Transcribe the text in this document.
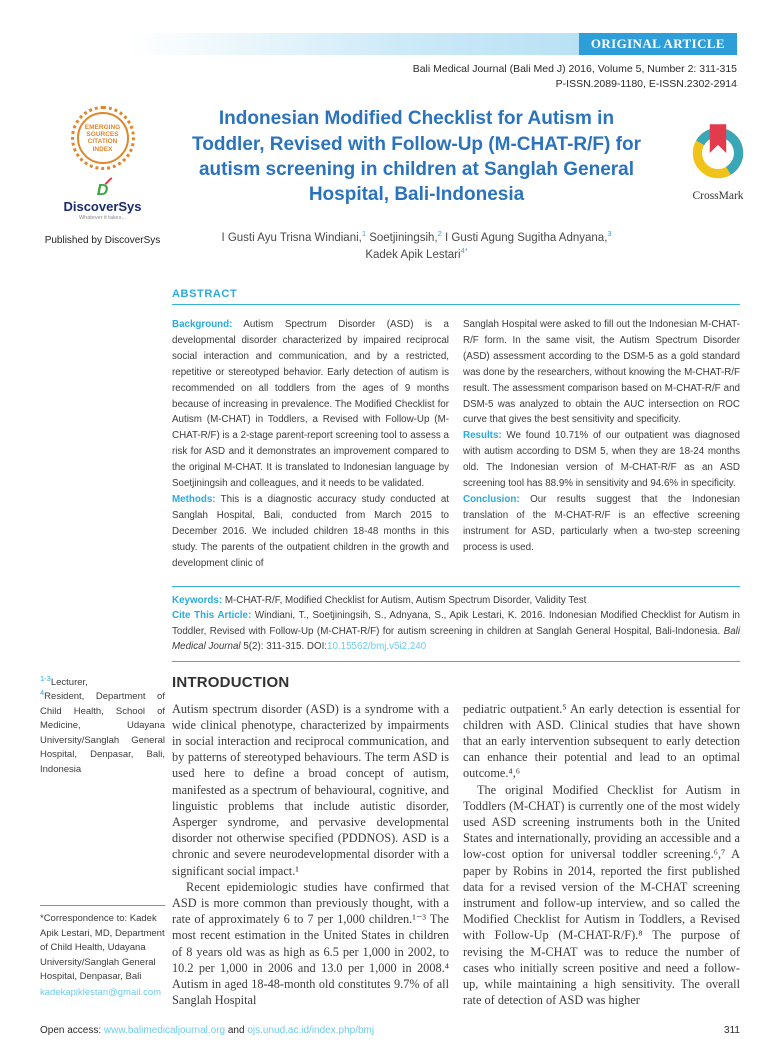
ORIGINAL ARTICLE
Bali Medical Journal (Bali Med J) 2016, Volume 5, Number 2: 311-315
P-ISSN.2089-1180, E-ISSN.2302-2914
EMERGING
SOURCES
CITATION
INDEX
D
DiscoverSys
Whatever it takes...
Published by DiscoverSys
Indonesian Modified Checklist for Autism in Toddler, Revised with Follow-Up (M-CHAT-R/F) for autism screening in children at Sanglah General Hospital, Bali-Indonesia
I Gusti Ayu Trisna Windiani,$^1$ Soetjiningsih,$^2$ I Gusti Agung Sugitha Adnyana,$^3$
Kadek Apik Lestari$^{4*}$
CrossMark
ABSTRACT

Background: Autism Spectrum Disorder (ASD) is a developmental disorder characterized by impaired reciprocal social interaction and communication, and by a restricted, repetitive or stereotyped behavior. Early detection of autism is recommended on all toddlers from the ages of 9 months because of increasing in prevalence. The Modified Checklist for Autism (M-CHAT) in Toddlers, a Revised with Follow-Up (M-CHAT-R/F) is a 2-stage parent-report screening tool to assess a risk for ASD and it demonstrates an improvement compared to the original M-CHAT. It is translated to Indonesian language by Soetjiningsih and colleagues, and it needs to be validated.

Methods: This is a diagnostic accuracy study conducted at Sanglah Hospital, Bali, conducted from March 2015 to December 2016. We included children 18-48 months in this study. The parents of the outpatient children in the growth and development clinic of

Sanglah Hospital were asked to fill out the Indonesian M-CHAT-R/F form. In the same visit, the Autism Spectrum Disorder (ASD) assessment according to the DSM-5 as a gold standard was done by the researchers, without knowing the M-CHAT-R/F result. The assessment comparison based on M-CHAT-R/F and DSM-5 was analyzed to obtain the AUC intersection on ROC curve that gives the best sensitivity and specificity.

Results: We found 10.71% of our outpatient was diagnosed with autism according to DSM 5, when they are 18-24 months old. The Indonesian version of M-CHAT-R/F as an ASD screening tool has 88.9% in sensitivity and 94.6% in specificity.

Conclusion: Our results suggest that the Indonesian translation of the M-CHAT-R/F is an effective screening instrument for ASD, particularly when a two-step screening process is used.

Keywords: M-CHAT-R/F, Modified Checklist for Autism, Autism Spectrum Disorder, Validity Test
Cite This Article: Windiani, T., Soetjiningsih, S., Adnyana, S., Apik Lestari, K. 2016. Indonesian Modified Checklist for Autism in Toddler, Revised with Follow-Up (M-CHAT-R/F) for autism screening in children at Sanglah General Hospital, Bali-Indonesia. Bali Medical Journal 5(2): 311-315. DOI:10.15562/bmj.v5i2.240

$^{1-3}$Lecturer,
$^4$Resident, Department of Child Health, School of Medicine, Udayana University/Sanglah General Hospital, Denpasar, Bali, Indonesia
*Correspondence to: Kadek Apik Lestari, MD, Department of Child Health, Udayana University/Sanglah General Hospital, Denpasar, Bali
kadekapiklestari@gmail.com
INTRODUCTION

Autism spectrum disorder (ASD) is a syndrome with a wide clinical phenotype, characterized by impairments in social interaction and reciprocal communication, and by patterns of stereotyped behaviours. The term ASD is used here to define a broad concept of autism, manifested as a spectrum of behavioural, cognitive, and linguistic problems that include autistic disorder, Asperger syndrome, and pervasive developmental disorder not otherwise specified (PDDNOS). ASD is a chronic and severe neurodevelopmental disorder with a significant social impact.¹

Recent epidemiologic studies have confirmed that ASD is more common than previously thought, with a rate of approximately 6 to 7 per 1,000 children.¹⁻³ The most recent estimation in the United States in children of 8 years old was as high as 6.5 per 1,000 in 2002, to 10.2 per 1,000 in 2006 and 13.0 per 1,000 in 2008.⁴ Autism in aged 18-48-month old constitutes 9.7% of all Sanglah Hospital

pediatric outpatient.⁵ An early detection is essential for children with ASD. Clinical studies that have shown that an early intervention subsequent to early detection can enhance their potential and lead to an optimal outcome.⁴,⁶

The original Modified Checklist for Autism in Toddlers (M-CHAT) is currently one of the most widely used ASD screening instruments both in the United States and internationally, providing an accessible and a low-cost option for universal toddler screening.⁶,⁷ A paper by Robins in 2014, reported the first published data for a revised version of the M-CHAT screening instrument and follow-up interview, and so called the Modified Checklist for Autism in Toddlers, a Revised with Follow-Up (M-CHAT-R/F).⁸ The purpose of revising the M-CHAT was to reduce the number of cases who initially screen positive and need a follow-up, while maintaining a high sensitivity. The overall rate of detection of ASD was higher

Open access: www.balimedicaljournal.org and ojs.unud.ac.id/index.php/bmj	311
